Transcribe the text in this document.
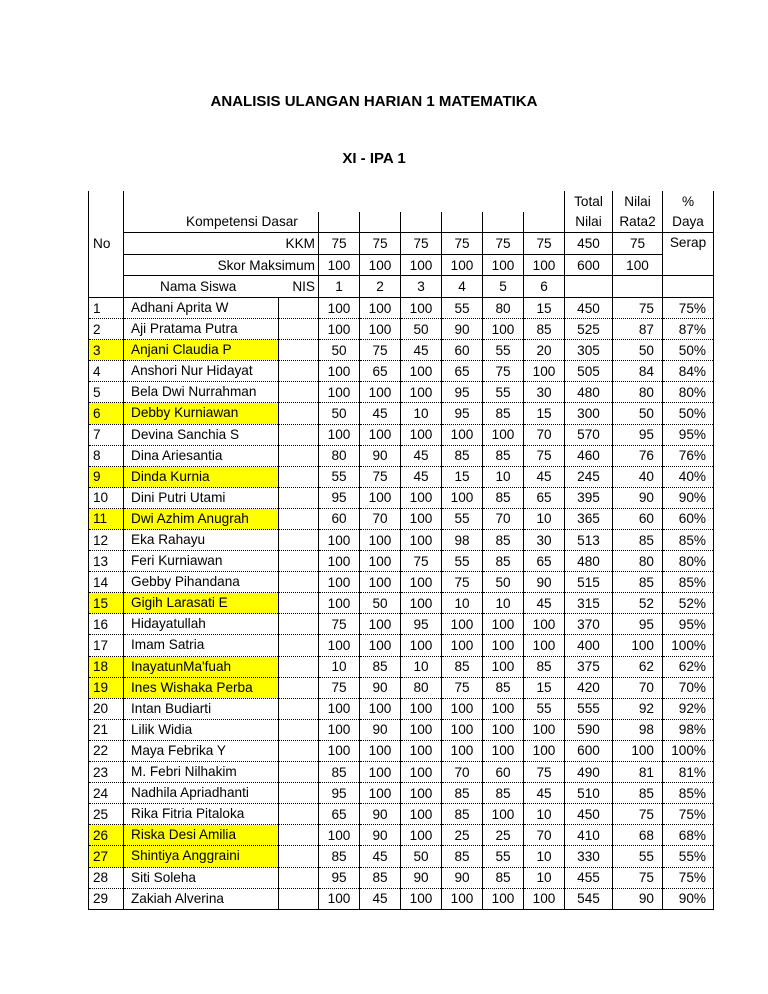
ANALISIS ULANGAN HARIAN 1 MATEMATIKA
XI - IPA 1
No									Total	Nilai	%
	Kompetensi Dasar								Nilai	Rata2	Daya
	KKM		75	75	75	75	75	75	450	75	Serap
	Skor Maksimum		100	100	100	100	100	100	600	100	
	Nama Siswa	NIS	1	2	3	4	5	6			
1	Adhani Aprita W		100	100	100	55	80	15	450	75	75%
2	Aji Pratama Putra		100	100	50	90	100	85	525	87	87%
3	Anjani Claudia P		50	75	45	60	55	20	305	50	50%
4	Anshori Nur Hidayat		100	65	100	65	75	100	505	84	84%
5	Bela Dwi Nurrahman		100	100	100	95	55	30	480	80	80%
6	Debby Kurniawan		50	45	10	95	85	15	300	50	50%
7	Devina Sanchia S		100	100	100	100	100	70	570	95	95%
8	Dina Ariesantia		80	90	45	85	85	75	460	76	76%
9	Dinda Kurnia		55	75	45	15	10	45	245	40	40%
10	Dini Putri Utami		95	100	100	100	85	65	395	90	90%
11	Dwi Azhim Anugrah		60	70	100	55	70	10	365	60	60%
12	Eka Rahayu		100	100	100	98	85	30	513	85	85%
13	Feri Kurniawan		100	100	75	55	85	65	480	80	80%
14	Gebby Pihandana		100	100	100	75	50	90	515	85	85%
15	Gigih Larasati E		100	50	100	10	10	45	315	52	52%
16	Hidayatullah		75	100	95	100	100	100	370	95	95%
17	Imam Satria		100	100	100	100	100	100	400	100	100%
18	InayatunMa'fuah		10	85	10	85	100	85	375	62	62%
19	Ines Wishaka Perba		75	90	80	75	85	15	420	70	70%
20	Intan Budiarti		100	100	100	100	100	55	555	92	92%
21	Lilik Widia		100	90	100	100	100	100	590	98	98%
22	Maya Febrika Y		100	100	100	100	100	100	600	100	100%
23	M. Febri Nilhakim		85	100	100	70	60	75	490	81	81%
24	Nadhila Apriadhanti		95	100	100	85	85	45	510	85	85%
25	Rika Fitria Pitaloka		65	90	100	85	100	10	450	75	75%
26	Riska Desi Amilia		100	90	100	25	25	70	410	68	68%
27	Shintiya Anggraini		85	45	50	85	55	10	330	55	55%
28	Siti Soleha		95	85	90	90	85	10	455	75	75%
29	Zakiah Alverina		100	45	100	100	100	100	545	90	90%
